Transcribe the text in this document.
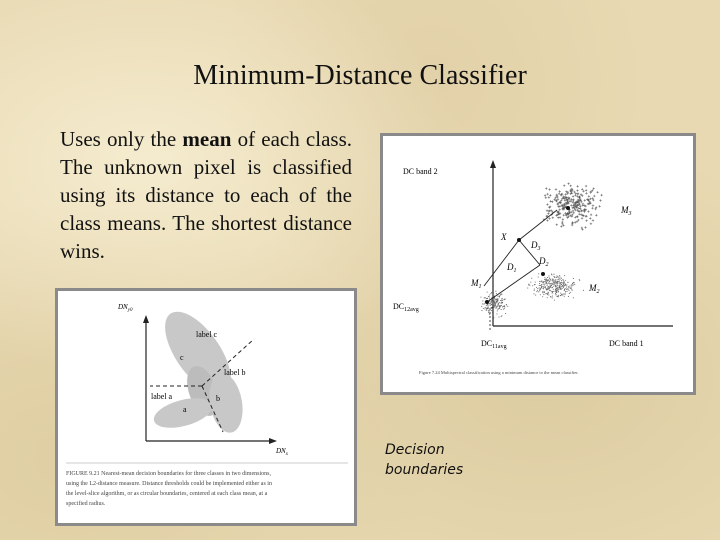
Minimum-Distance Classifier
Uses only the mean of each class. The unknown pixel is classified using its distance to each of the class means. The shortest distance wins.
DC band 2
DC band 1
X
$D_3$
$D_2$
$D_1$
$M_1$	$M_2$
$M_3$
$DC_{12avg}$
$DC_{11avg}$
Figure 7.24 Multispectral classification using a minimum distance to the mean classifier.
$DN_{y0}$
$DN_x$
label c
c
label b
b
label a
a
FIGURE 9.21 Nearest-mean decision boundaries for three classes in two dimensions,
using the L2-distance measure. Distance thresholds could be implemented either as in
the level-slice algorithm, or as circular boundaries, centered at each class mean, at a
specified radius.
Decision
boundaries
